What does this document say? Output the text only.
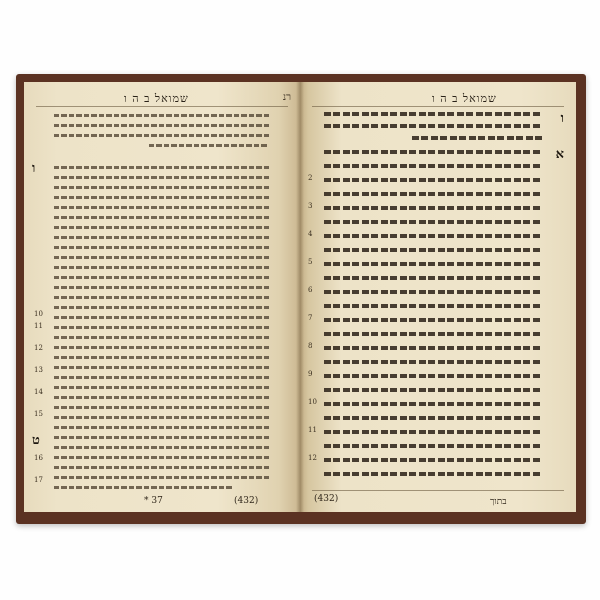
שמואל ב ה ו	רנ
ו
ט
10
11
12
13
14
15
16
17
* 37	(432)
שמואל ב ה ו
ו
א
2
3
4
5
6
7
8
9
10
11
12
(432)	בתוך
